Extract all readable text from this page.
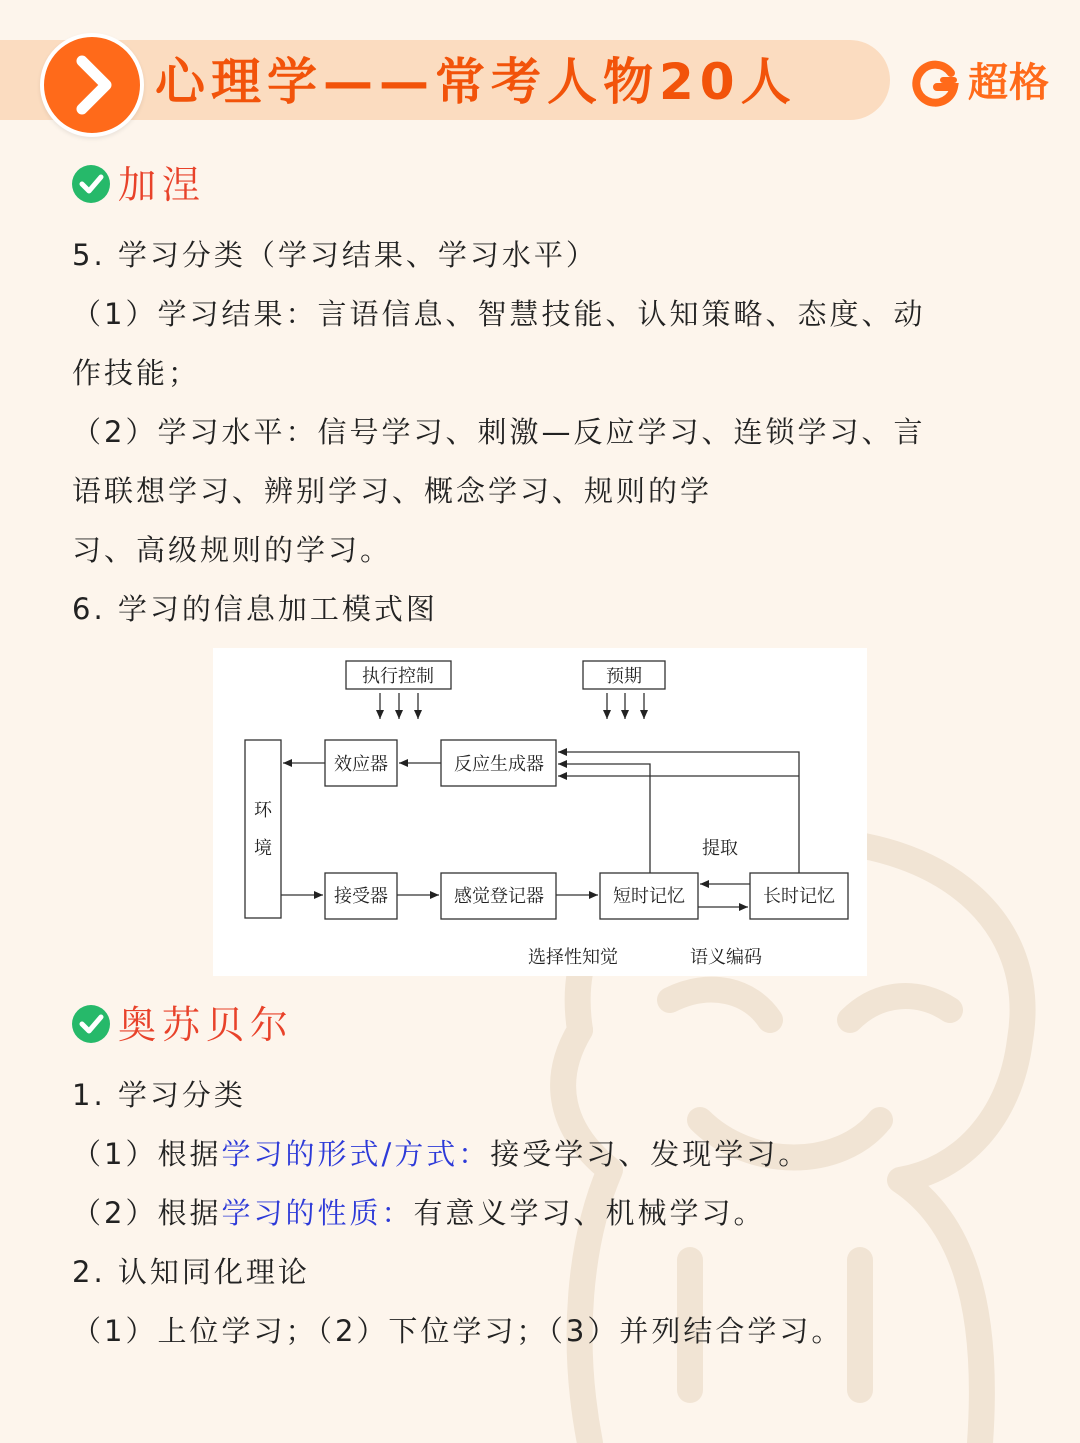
心理学——常考人物20人	超格
加涅
5. 学习分类（学习结果、学习水平）
（1）学习结果：言语信息、智慧技能、认知策略、态度、动
作技能；
（2）学习水平：信号学习、刺激—反应学习、连锁学习、言
语联想学习、辨别学习、概念学习、规则的学
习、高级规则的学习。
6. 学习的信息加工模式图
执行控制	预期
环
境
效应器	反应生成器
接受器	感觉登记器	短时记忆	长时记忆
提取
选择性知觉	语义编码
奥苏贝尔
1. 学习分类
（1）根据学习的形式/方式：接受学习、发现学习。
（2）根据学习的性质：有意义学习、机械学习。
2. 认知同化理论
（1）上位学习；（2）下位学习；（3）并列结合学习。
